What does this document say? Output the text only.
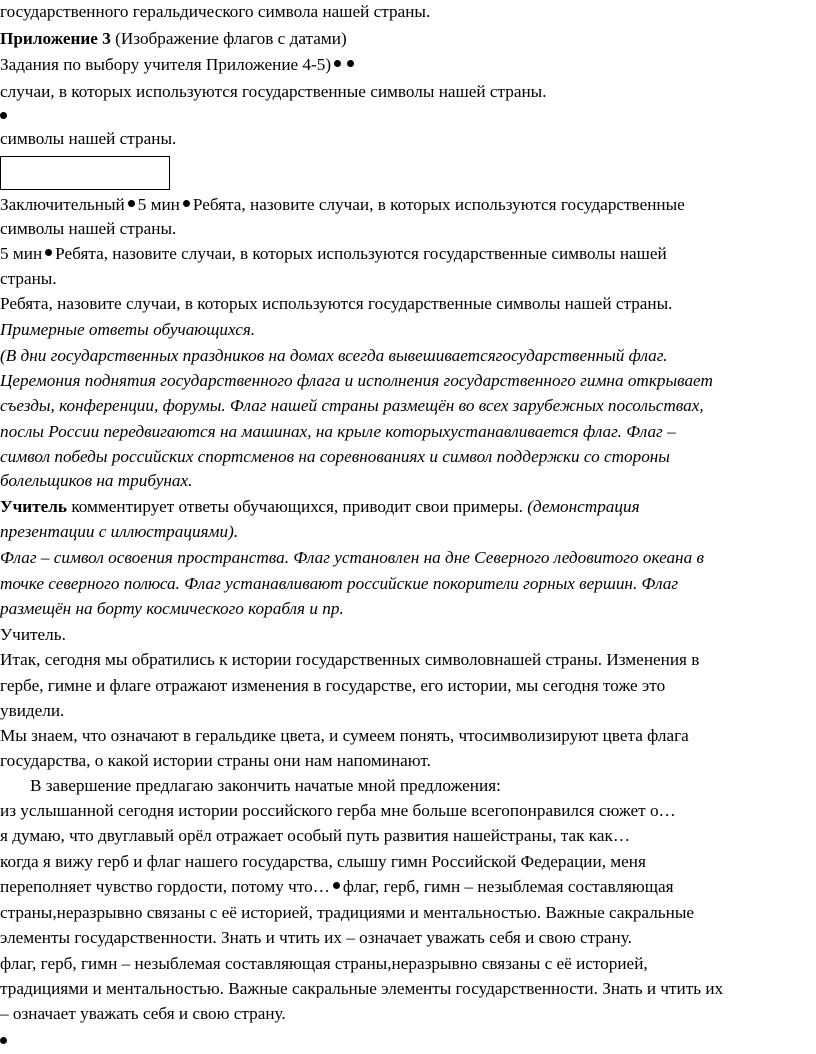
государственного геральдического символа нашей страны.
Приложение 3 (Изображение флагов с датами)
Задания по выбору учителя Приложение 4-5)
случаи, в которых используются государственные символы нашей страны.
символы нашей страны.
Заключительный 5 мин Ребята, назовите случаи, в которых используются государственные
символы нашей страны.
5 мин Ребята, назовите случаи, в которых используются государственные символы нашей
страны.
Ребята, назовите случаи, в которых используются государственные символы нашей страны.
Примерные ответы обучающихся.
(В дни государственных праздников на домах всегда вывешиваетсягосударственный флаг.
Церемония поднятия государственного флага и исполнения государственного гимна открывает
съезды, конференции, форумы. Флаг нашей страны размещён во всех зарубежных посольствах,
послы России передвигаются на машинах, на крыле которыхустанавливается флаг. Флаг –
символ победы российских спортсменов на соревнованиях и символ поддержки со стороны
болельщиков на трибунах.
Учитель комментирует ответы обучающихся, приводит свои примеры. (демонстрация
презентации с иллюстрациями).
Флаг – символ освоения пространства. Флаг установлен на дне Северного ледовитого океана в
точке северного полюса. Флаг устанавливают российские покорители горных вершин. Флаг
размещён на борту космического корабля и пр.
Учитель.
Итак, сегодня мы обратились к истории государственных символовнашей страны. Изменения в
гербе, гимне и флаге отражают изменения в государстве, его истории, мы сегодня тоже это
увидели.
Мы знаем, что означают в геральдике цвета, и сумеем понять, чтосимволизируют цвета флага
государства, о какой истории страны они нам напоминают.
В завершение предлагаю закончить начатые мной предложения:
из услышанной сегодня истории российского герба мне больше всегопонравился сюжет о…
я думаю, что двуглавый орёл отражает особый путь развития нашейстраны, так как…
когда я вижу герб и флаг нашего государства, слышу гимн Российской Федерации, меня
переполняет чувство гордости, потому что… флаг, герб, гимн – незыблемая составляющая
страны,неразрывно связаны с её историей, традициями и ментальностью. Важные сакральные
элементы государственности. Знать и чтить их – означает уважать себя и свою страну.
флаг, герб, гимн – незыблемая составляющая страны,неразрывно связаны с её историей,
традициями и ментальностью. Важные сакральные элементы государственности. Знать и чтить их
– означает уважать себя и свою страну.
